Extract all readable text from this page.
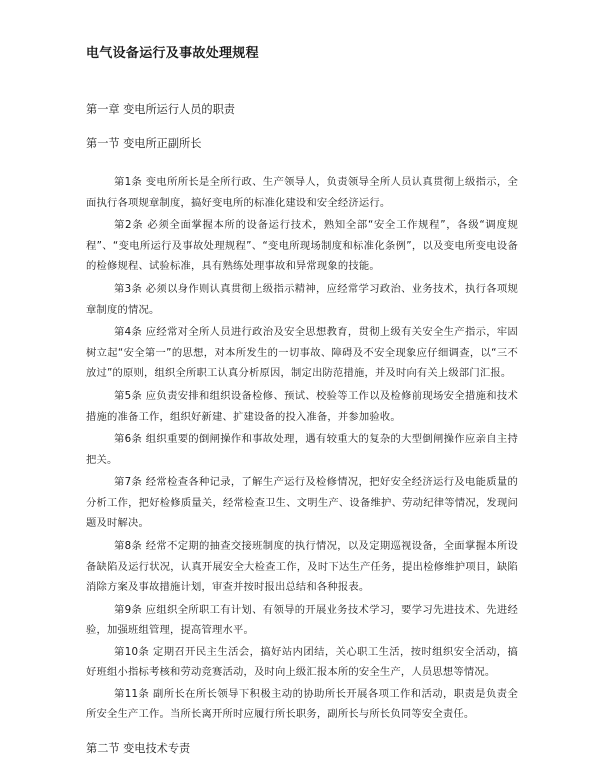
电气设备运行及事故处理规程
第一章 变电所运行人员的职责
第一节 变电所正副所长
第1条 变电所所长是全所行政、生产领导人，负责领导全所人员认真贯彻上级指示，全面执行各项规章制度，搞好变电所的标准化建设和安全经济运行。
第2条 必须全面掌握本所的设备运行技术，熟知全部“安全工作规程”，各级“调度规程”、“变电所运行及事故处理规程”、“变电所现场制度和标准化条例”，以及变电所变电设备的检修规程、试验标准，具有熟练处理事故和异常现象的技能。
第3条 必须以身作则认真贯彻上级指示精神，应经常学习政治、业务技术，执行各项规章制度的情况。
第4条 应经常对全所人员进行政治及安全思想教育，贯彻上级有关安全生产指示，牢固树立起“安全第一”的思想，对本所发生的一切事故、障碍及不安全现象应仔细调查，以“三不放过”的原则，组织全所职工认真分析原因，制定出防范措施，并及时向有关上级部门汇报。
第5条 应负责安排和组织设备检修、预试、校验等工作以及检修前现场安全措施和技术措施的准备工作，组织好新建、扩建设备的投入准备，并参加验收。
第6条 组织重要的倒闸操作和事故处理，遇有较重大的复杂的大型倒闸操作应亲自主持把关。
第7条 经常检查各种记录，了解生产运行及检修情况，把好安全经济运行及电能质量的分析工作，把好检修质量关，经常检查卫生、文明生产、设备维护、劳动纪律等情况，发现问题及时解决。
第8条 经常不定期的抽查交接班制度的执行情况，以及定期巡视设备，全面掌握本所设备缺陷及运行状况，认真开展安全大检查工作，及时下达生产任务，提出检修维护项目，缺陷消除方案及事故措施计划，审查并按时报出总结和各种报表。
第9条 应组织全所职工有计划、有领导的开展业务技术学习，要学习先进技术、先进经验，加强班组管理，提高管理水平。
第10条 定期召开民主生活会，搞好站内团结，关心职工生活，按时组织安全活动，搞好班组小指标考核和劳动竞赛活动，及时向上级汇报本所的安全生产，人员思想等情况。
第11条 副所长在所长领导下积极主动的协助所长开展各项工作和活动，职责是负责全所安全生产工作。当所长离开所时应履行所长职务，副所长与所长负同等安全责任。
第二节 变电技术专责
